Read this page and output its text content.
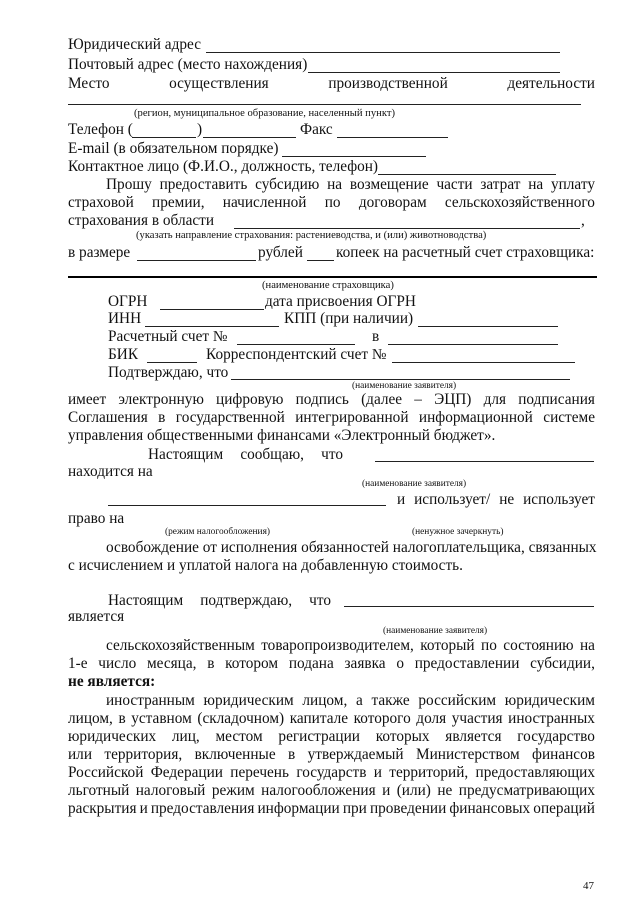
Юридический адрес
Почтовый адрес (место нахождения)
Место	осуществления	производственной	деятельности
(регион, муниципальное образование, населенный пункт)
Телефон (	)	Факс
E-mail (в обязательном порядке)
Контактное лицо (Ф.И.О., должность, телефон)
Прошу предоставить субсидию на возмещение части затрат на уплату
страховой премии, начисленной по договорам сельскохозяйственного
страхования в области	,
(указать направление страхования: растениеводства, и (или) животноводства)
в размере	рублей копеек на расчетный счет страховщика:
(наименование страховщика)
ОГРН	дата присвоения ОГРН
ИНН	КПП (при наличии)
Расчетный счет №	в
БИК	Корреспондентский счет №
Подтверждаю, что
(наименование заявителя)
имеет электронную цифровую подпись (далее – ЭЦП) для подписания
Соглашения в государственной интегрированной информационной системе
управления общественными финансами «Электронный бюджет».
Настоящим сообщаю, что
находится на
(наименование заявителя)
и использует/ не использует
право на
(режим налогообложения)	(ненужное зачеркнуть)
освобождение от исполнения обязанностей налогоплательщика, связанных
с исчислением и уплатой налога на добавленную стоимость.
Настоящим подтверждаю, что
является
(наименование заявителя)
сельскохозяйственным товаропроизводителем, который по состоянию на
1-е число месяца, в котором подана заявка о предоставлении субсидии,
не является:
иностранным юридическим лицом, а также российским юридическим
лицом, в уставном (складочном) капитале которого доля участия иностранных
юридических лиц, местом регистрации которых является государство
или территория, включенные в утверждаемый Министерством финансов
Российской Федерации перечень государств и территорий, предоставляющих
льготный налоговый режим налогообложения и (или) не предусматривающих
раскрытия и предоставления информации при проведении финансовых операций
47
